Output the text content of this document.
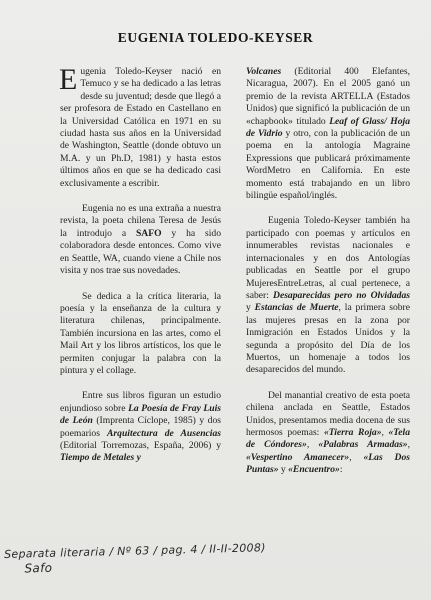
EUGENIA TOLEDO-KEYSER

Eugenia Toledo-Keyser nació en Temuco y se ha dedicado a las letras desde su juventud; desde que llegó a ser profesora de Estado en Castellano en la Universidad Católica en 1971 en su ciudad hasta sus años en la Universidad de Washington, Seattle (donde obtuvo un M.A. y un Ph.D, 1981) y hasta estos últimos años en que se ha dedicado casi exclusivamente a escribir.

Eugenia no es una extraña a nuestra revista, la poeta chilena Teresa de Jesús la introdujo a SAFO y ha sido colaboradora desde entonces. Como vive en Seattle, WA, cuando viene a Chile nos visita y nos trae sus novedades.

Se dedica a la crítica literaria, la poesía y la enseñanza de la cultura y literatura chilenas, principalmente. También incursiona en las artes, como el Mail Art y los libros artísticos, los que le permiten conjugar la palabra con la pintura y el collage.

Entre sus libros figuran un estudio enjundioso sobre La Poesía de Fray Luis de León (Imprenta Cíclope, 1985) y dos poemarios Arquitectura de Ausencias (Editorial Torremozas, España, 2006) y Tiempo de Metales y

Volcanes (Editorial 400 Elefantes, Nicaragua, 2007). En el 2005 ganó un premio de la revista ARTELLA (Estados Unidos) que significó la publicación de un «chapbook» titulado Leaf of Glass/ Hoja de Vidrio y otro, con la publicación de un poema en la antología Magraine Expressions que publicará próximamente WordMetro en California. En este momento está trabajando en un libro bilingüe español/inglés.

Eugenia Toledo-Keyser también ha participado con poemas y artículos en innumerables revistas nacionales e internacionales y en dos Antologías publicadas en Seattle por el grupo MujeresEntreLetras, al cual pertenece, a saber: Desaparecidas pero no Olvidadas y Estancias de Muerte, la primera sobre las mujeres presas en la zona por Inmigración en Estados Unidos y la segunda a propósito del Día de los Muertos, un homenaje a todos los desaparecidos del mundo.

Del manantial creativo de esta poeta chilena anclada en Seattle, Estados Unidos, presentamos media docena de sus hermosos poemas: «Tierra Roja», «Tela de Cóndores», «Palabras Armadas», «Vespertino Amanecer», «Las Dos Puntas» y «Encuentro»:

Separata literaria / Nº 63 / pag. 4 / II-II-2008)
Safo
